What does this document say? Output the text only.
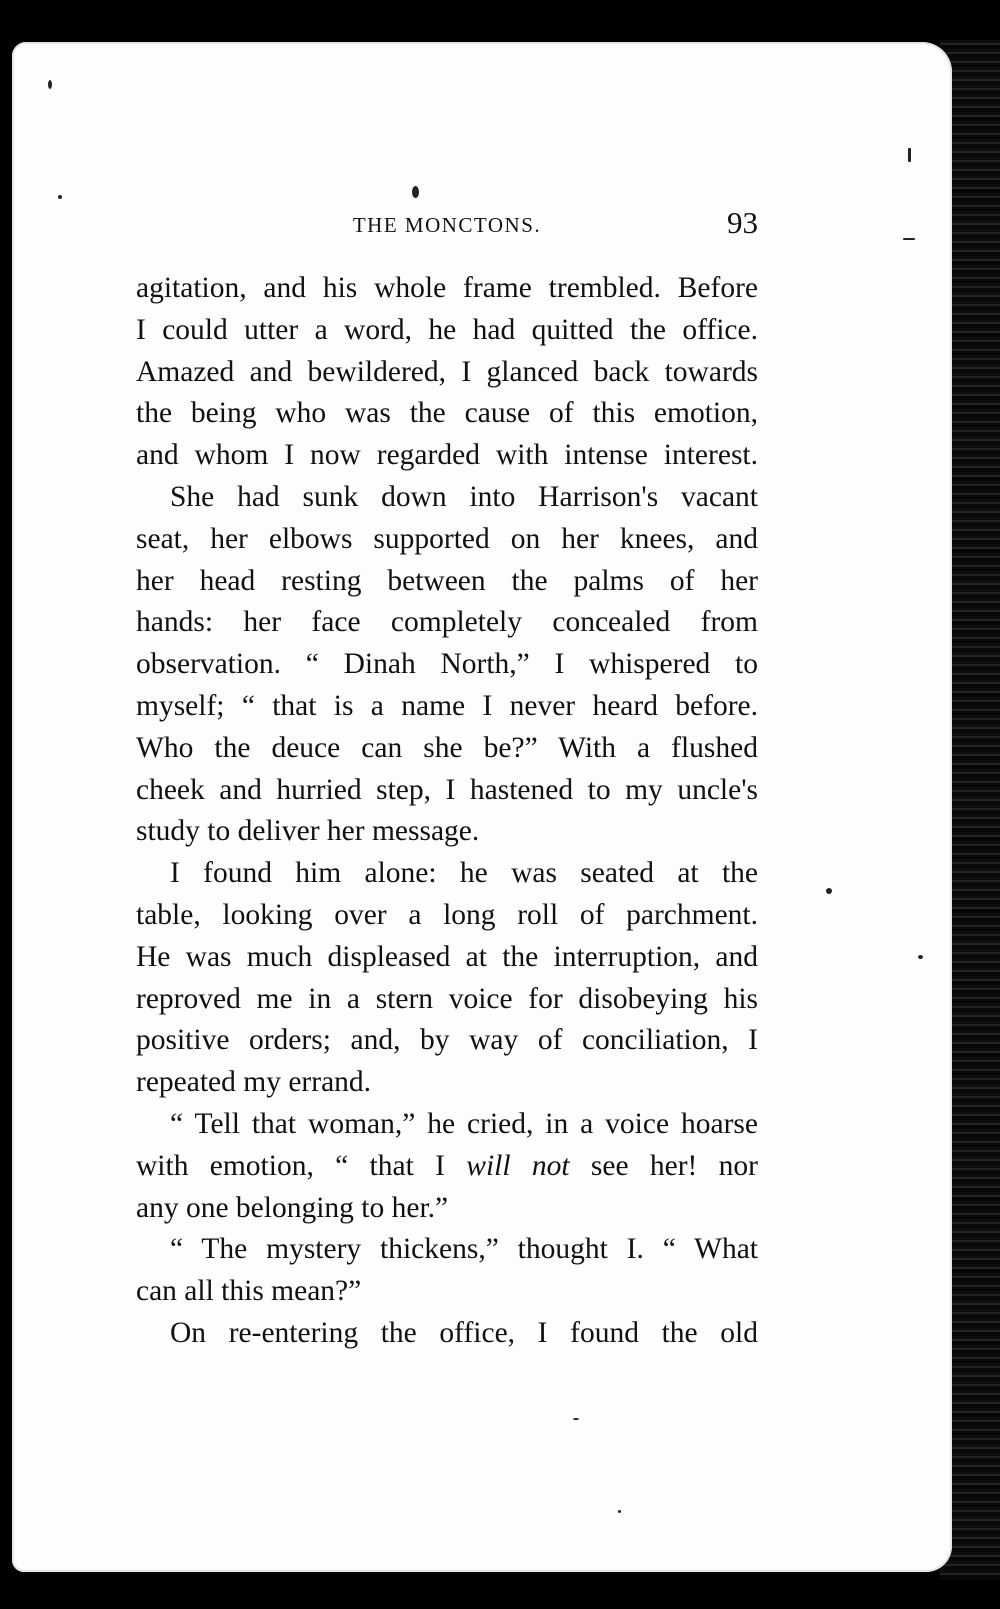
THE MONCTONS.	93
agitation, and his whole frame trembled. Before
I could utter a word, he had quitted the office.
Amazed and bewildered, I glanced back towards
the being who was the cause of this emotion,
and whom I now regarded with intense interest.
She had sunk down into Harrison's vacant
seat, her elbows supported on her knees, and
her head resting between the palms of her
hands: her face completely concealed from
observation. “ Dinah North,” I whispered to
myself; “ that is a name I never heard before.
Who the deuce can she be?” With a flushed
cheek and hurried step, I hastened to my uncle's
study to deliver her message.
I found him alone: he was seated at the
table, looking over a long roll of parchment.
He was much displeased at the interruption, and
reproved me in a stern voice for disobeying his
positive orders; and, by way of conciliation, I
repeated my errand.
“ Tell that woman,” he cried, in a voice hoarse
with emotion, “ that I will not see her! nor
any one belonging to her.”
“ The mystery thickens,” thought I. “ What
can all this mean?”
On re-entering the office, I found the old
